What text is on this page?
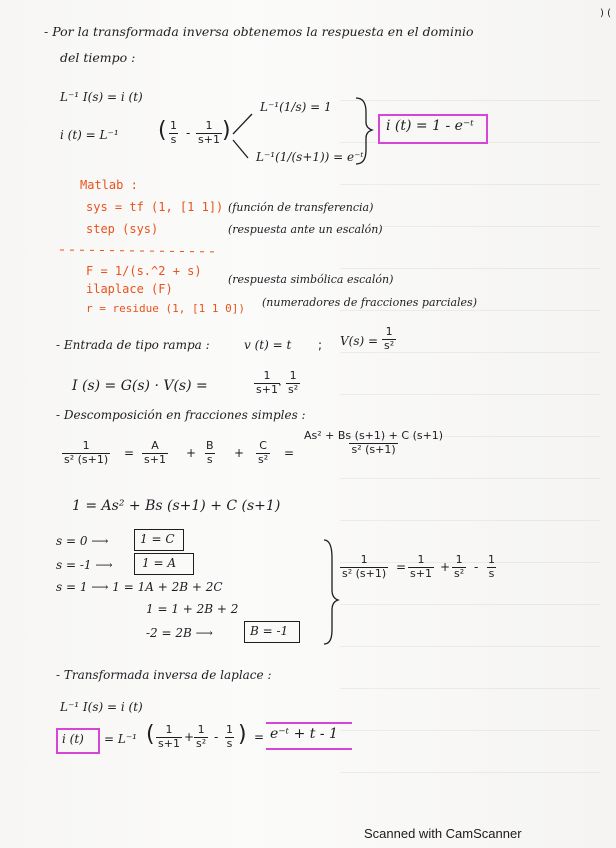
- Por la transformada inversa obtenemos la respuesta en el dominio
del tiempo :
) (
L⁻¹ I(s) = i (t)
i (t) = L⁻¹ ( $\frac{1}{s} - \frac{1}{s+1}$ )
L⁻¹(1/s) = 1
L⁻¹(1/(s+1)) = e⁻ᵗ
i (t) = 1 - e⁻ᵗ
Matlab :
sys = tf (1, [1 1]) (función de transferencia)
step (sys)	(respuesta ante un escalón)
F = 1/(s.^2 + s)
ilaplace (F)
(respuesta simbólica escalón)
r = residue (1, [1 1 0]) (numeradores de fracciones parciales)
- Entrada de tipo rampa :	v (t) = t ; $V(s) = \frac{1}{\text{s²}}$
I (s) = G(s) · V(s) =	$\frac{1}{s+1}$
· $\frac{1}{\text{s²}}$
- Descomposición en fracciones simples :
$\frac{1}{\text{s² (s+1)}} = \frac{A}{s+1} + \frac{B}{s} + \frac{C}{\text{s²}} = \frac{\text{As² + Bs (s+1) + C (s+1)}}{\text{s² (s+1)}}$
1 = As² + Bs (s+1) + C (s+1)
s = 0 ⟶	1 = C
s = -1 ⟶ 1 = A
s = 1 ⟶ 1 = 1A + 2B + 2C
1 = 1 + 2B + 2
-2 = 2B ⟶	B = -1
$\frac{1}{\text{s² (s+1)}} = \frac{1}{s+1} + \frac{1}{\text{s²}} - \frac{1}{s}$
- Transformada inversa de laplace :
L⁻¹ I(s) = i (t)
i (t) = L⁻¹ ( $\frac{1}{s+1} + \frac{1}{\text{s²}} - \frac{1}{s}$ ) = e⁻ᵗ + t - 1
Scanned with CamScanner
